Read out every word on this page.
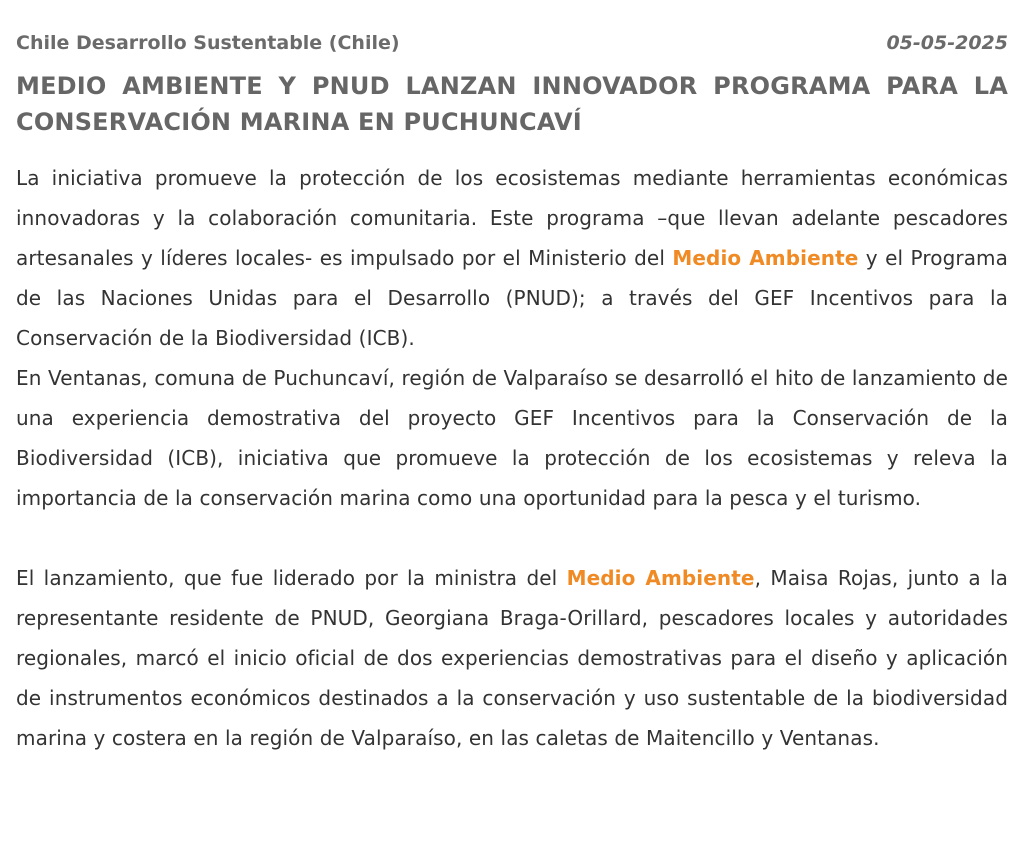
Chile Desarrollo Sustentable (Chile)	05-05-2025
MEDIO AMBIENTE Y PNUD LANZAN INNOVADOR PROGRAMA PARA LA CONSERVACIÓN MARINA EN PUCHUNCAVÍ

La iniciativa promueve la protección de los ecosistemas mediante herramientas económicas innovadoras y la colaboración comunitaria. Este programa –que llevan adelante pescadores artesanales y líderes locales- es impulsado por el Ministerio del Medio Ambiente y el Programa de las Naciones Unidas para el Desarrollo (PNUD); a través del GEF Incentivos para la Conservación de la Biodiversidad (ICB).

En Ventanas, comuna de Puchuncaví, región de Valparaíso se desarrolló el hito de lanzamiento de una experiencia demostrativa del proyecto GEF Incentivos para la Conservación de la Biodiversidad (ICB), iniciativa que promueve la protección de los ecosistemas y releva la importancia de la conservación marina como una oportunidad para la pesca y el turismo.

El lanzamiento, que fue liderado por la ministra del Medio Ambiente, Maisa Rojas, junto a la representante residente de PNUD, Georgiana Braga-Orillard, pescadores locales y autoridades regionales, marcó el inicio oficial de dos experiencias demostrativas para el diseño y aplicación de instrumentos económicos destinados a la conservación y uso sustentable de la biodiversidad marina y costera en la región de Valparaíso, en las caletas de Maitencillo y Ventanas.
